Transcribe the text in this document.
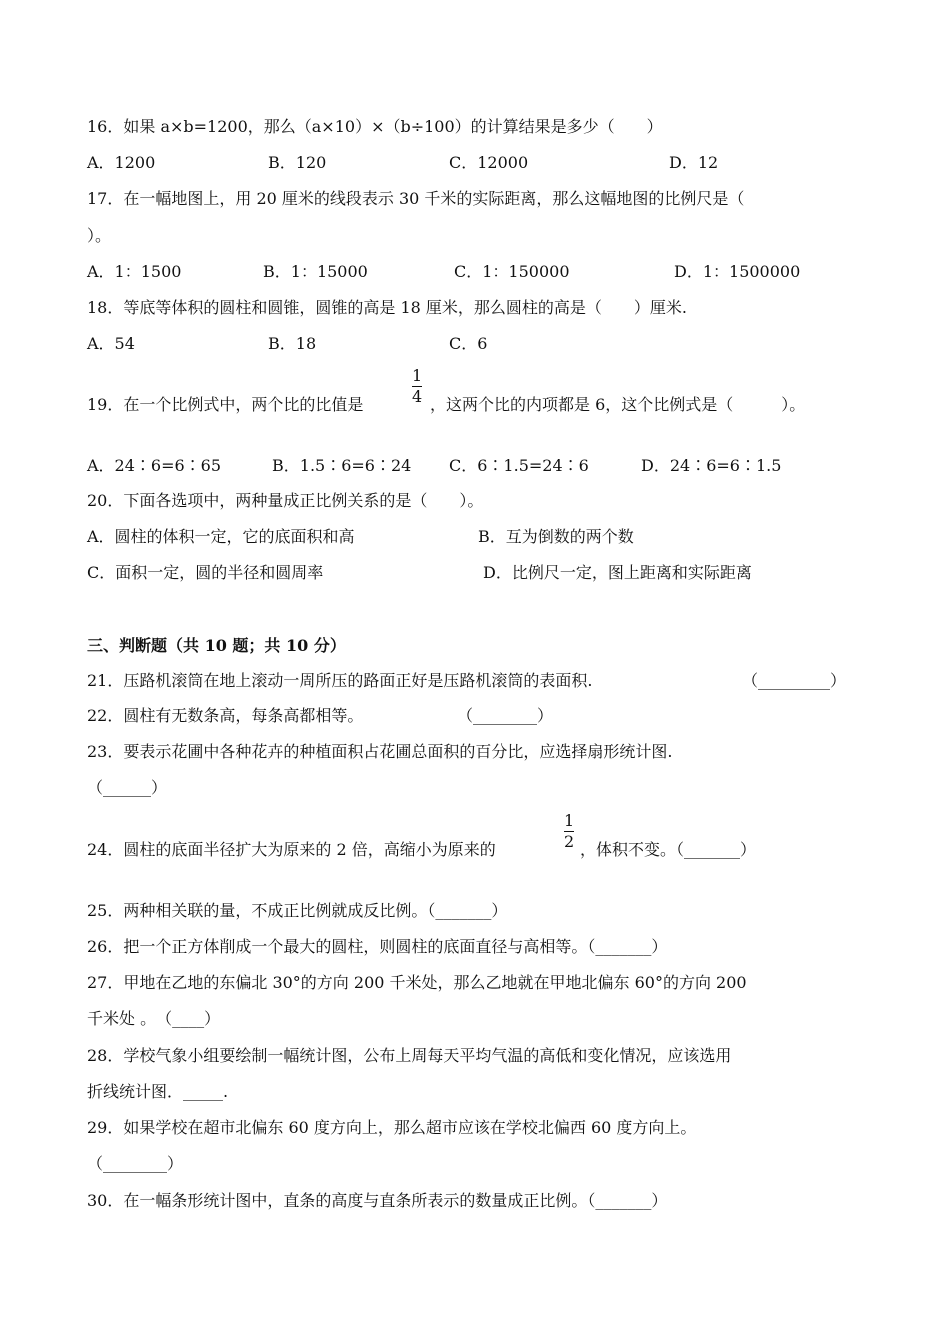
16．如果 a×b=1200，那么（a×10）×（b÷100）的计算结果是多少（　　）
A．1200	B．120	C．12000	D．12
17．在一幅地图上，用 20 厘米的线段表示 30 千米的实际距离，那么这幅地图的比例尺是（
）。
A．1：1500	B．1：15000	C．1：150000	D．1：1500000
18．等底等体积的圆柱和圆锥，圆锥的高是 18 厘米，那么圆柱的高是（　　）厘米.
A．54	B．18	C．6
19．在一个比例式中，两个比的比值是
1
4 ，这两个比的内项都是 6，这个比例式是（　　　）。
A．24∶6=6∶65	B．1.5∶6=6∶24 C．6∶1.5=24∶6	D．24∶6=6∶1.5
20．下面各选项中，两种量成正比例关系的是（　　）。
A．圆柱的体积一定，它的底面积和高	B．互为倒数的两个数
C．面积一定，圆的半径和圆周率	D．比例尺一定，图上距离和实际距离
三、判断题（共 10 题；共 10 分）
21．压路机滚筒在地上滚动一周所压的路面正好是压路机滚筒的表面积.	（_________）
22．圆柱有无数条高，每条高都相等。	（________）
23．要表示花圃中各种花卉的种植面积占花圃总面积的百分比，应选择扇形统计图.
（______）
24．圆柱的底面半径扩大为原来的 2 倍，高缩小为原来的
1
2 ，体积不变。（_______）
25．两种相关联的量，不成正比例就成反比例。（_______）
26．把一个正方体削成一个最大的圆柱，则圆柱的底面直径与高相等。（_______）
27．甲地在乙地的东偏北 30°的方向 200 千米处，那么乙地就在甲地北偏东 60°的方向 200
千米处 。　（____）
28．学校气象小组要绘制一幅统计图，公布上周每天平均气温的高低和变化情况，应该选用
折线统计图．_____.
29．如果学校在超市北偏东 60 度方向上，那么超市应该在学校北偏西 60 度方向上。
（________）
30．在一幅条形统计图中，直条的高度与直条所表示的数量成正比例。（_______）
